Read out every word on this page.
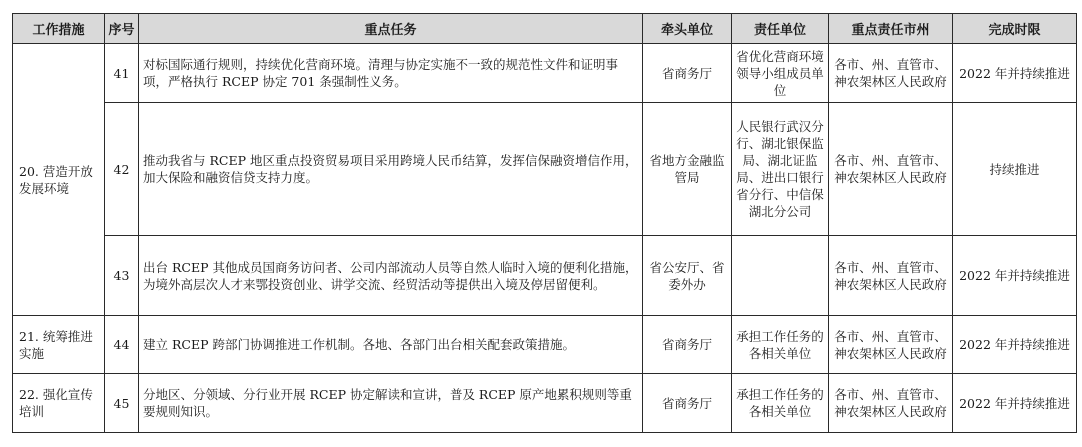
工作措施	序号	重点任务	牵头单位	责任单位	重点责任市州	完成时限
20. 营造开放发展环境	41	对标国际通行规则，持续优化营商环境。清理与协定实施不一致的规范性文件和证明事项，严格执行 RCEP 协定 701 条强制性义务。	省商务厅	省优化营商环境领导小组成员单位	各市、州、直管市、神农架林区人民政府	2022 年并持续推进
	42	推动我省与 RCEP 地区重点投资贸易项目采用跨境人民币结算，发挥信保融资增信作用，加大保险和融资信贷支持力度。	省地方金融监管局	人民银行武汉分行、湖北银保监局、湖北证监局、进出口银行省分行、中信保湖北分公司	各市、州、直管市、神农架林区人民政府	持续推进
	43	出台 RCEP 其他成员国商务访问者、公司内部流动人员等自然人临时入境的便利化措施，为境外高层次人才来鄂投资创业、讲学交流、经贸活动等提供出入境及停居留便利。	省公安厅、省委外办		各市、州、直管市、神农架林区人民政府	2022 年并持续推进
21. 统筹推进实施	44	建立 RCEP 跨部门协调推进工作机制。各地、各部门出台相关配套政策措施。	省商务厅	承担工作任务的各相关单位	各市、州、直管市、神农架林区人民政府	2022 年并持续推进
22. 强化宣传培训	45	分地区、分领域、分行业开展 RCEP 协定解读和宣讲，普及 RCEP 原产地累积规则等重要规则知识。	省商务厅	承担工作任务的各相关单位	各市、州、直管市、神农架林区人民政府	2022 年并持续推进
